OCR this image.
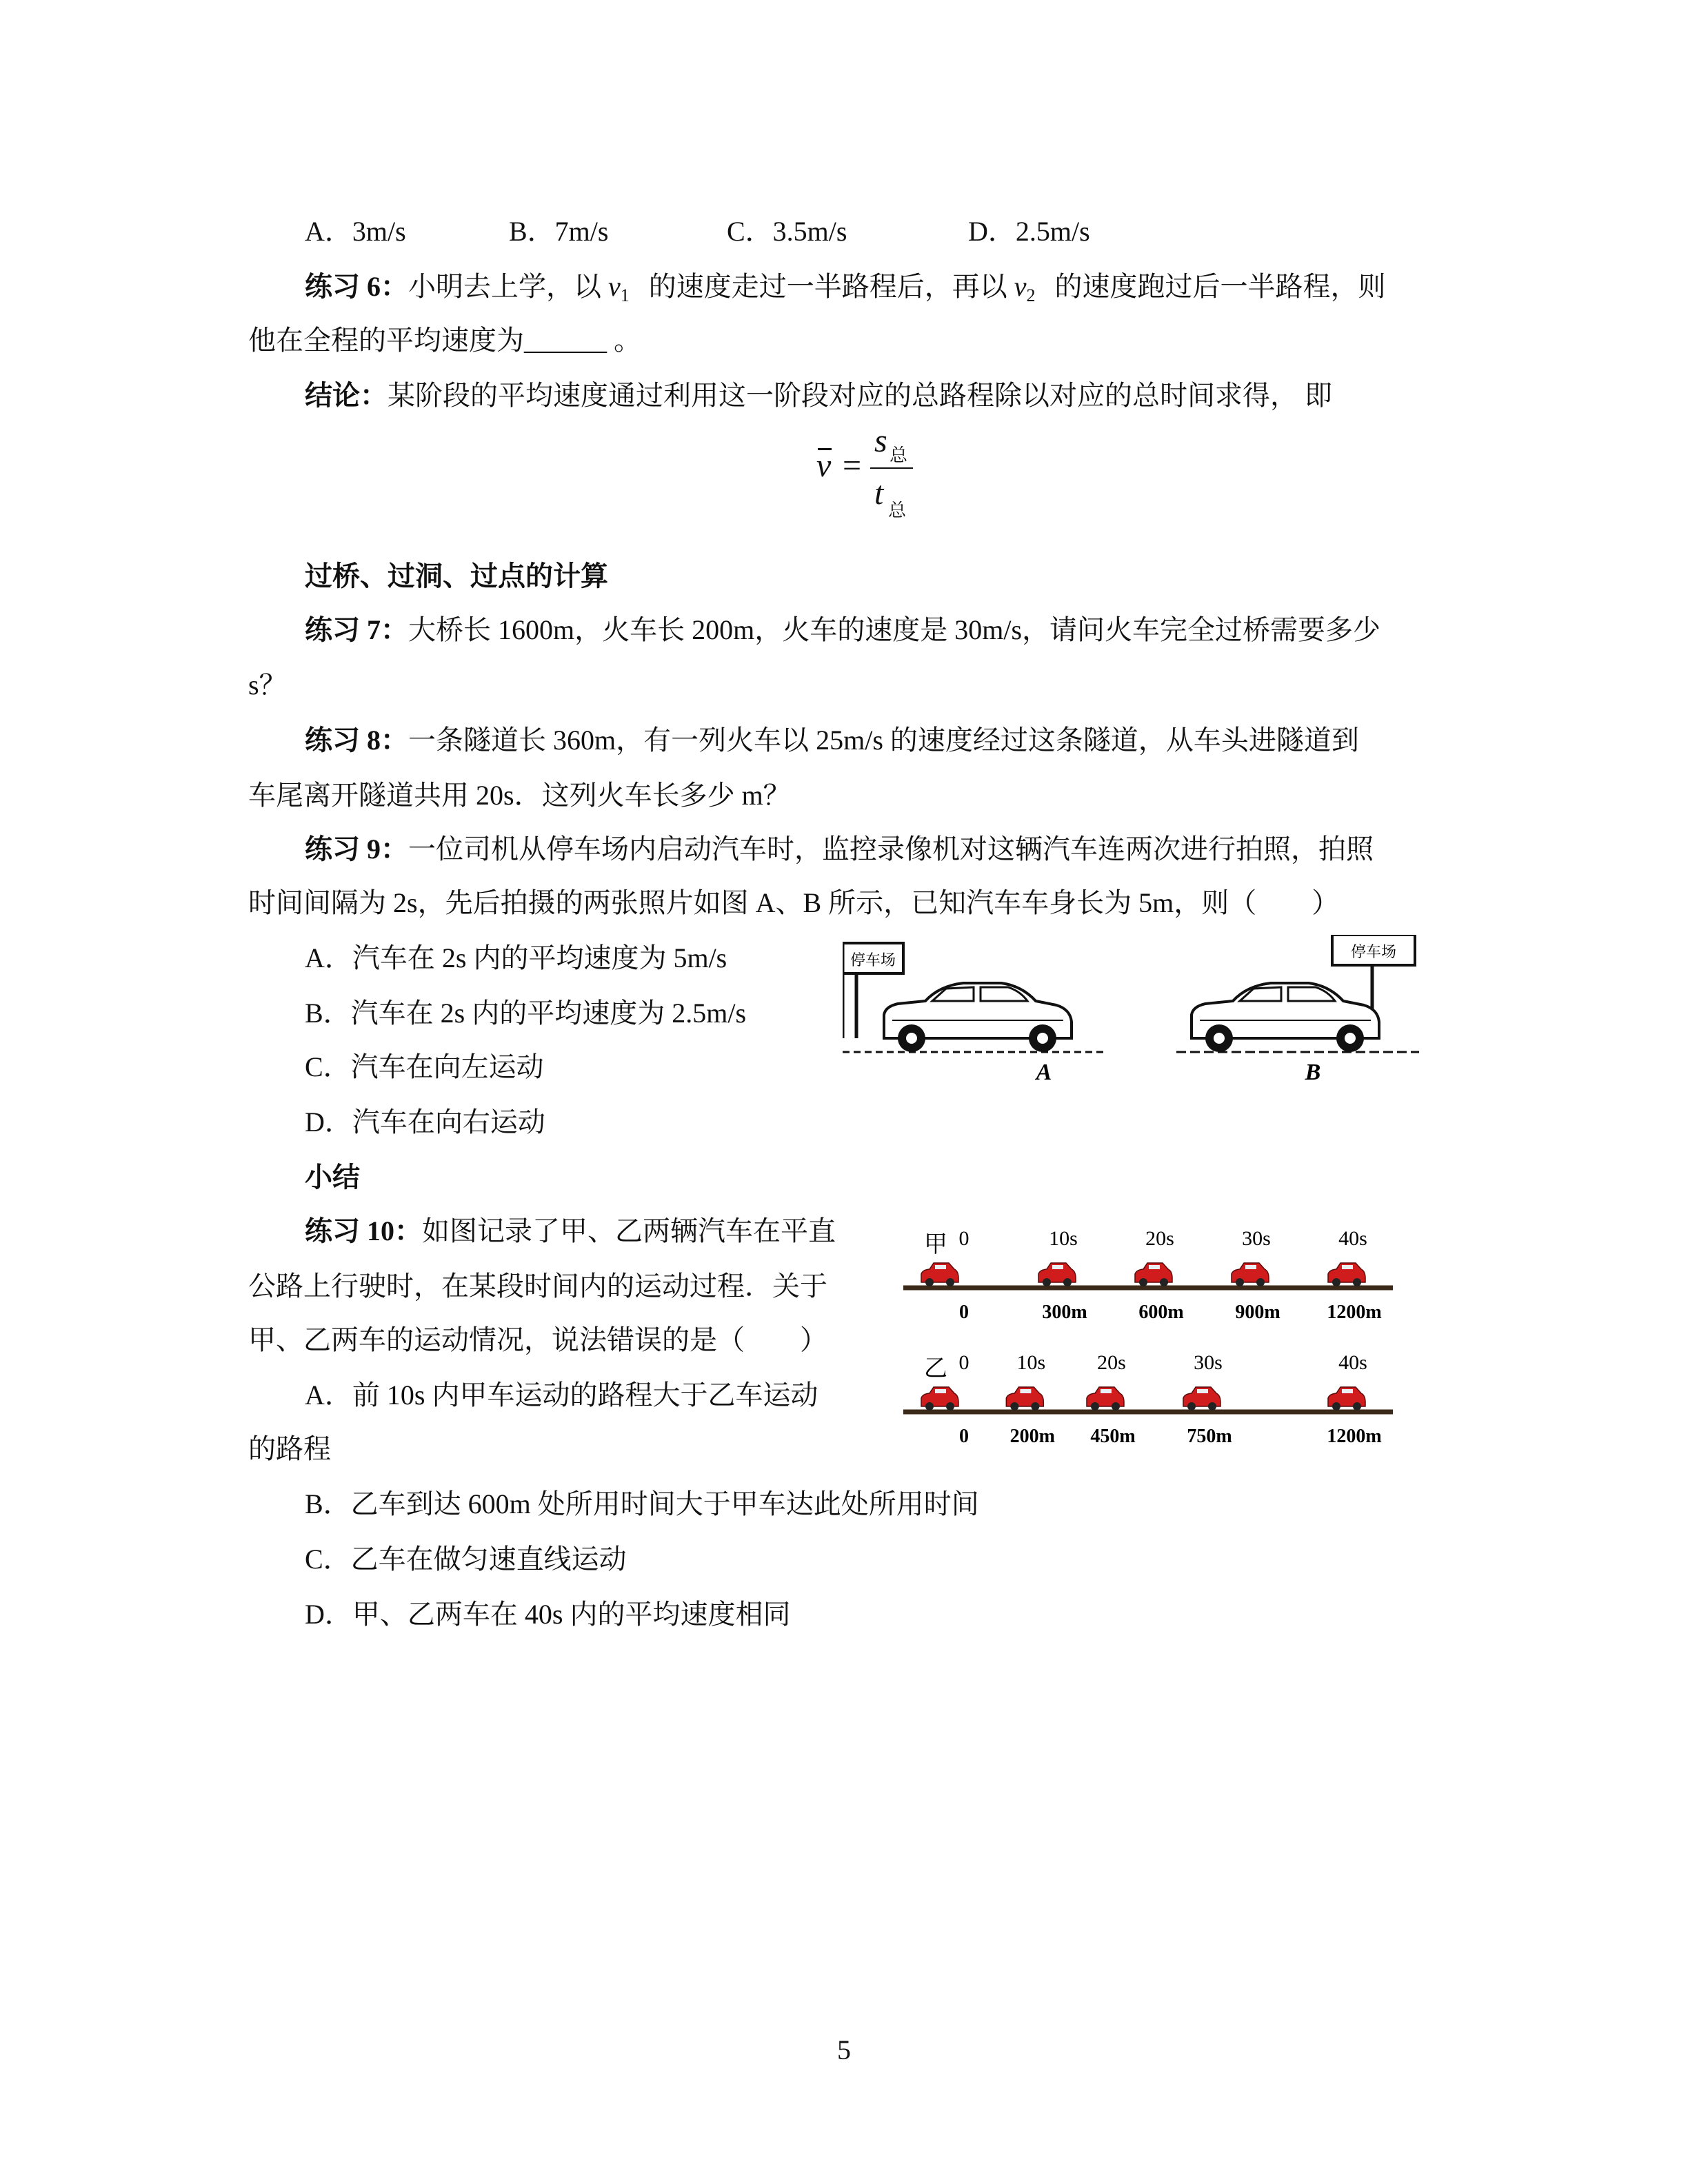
A．3m/s	B．7m/s	C．3.5m/s	D．2.5m/s
练习 6：小明去上学，以 $v_1$ 的速度走过一半路程后，再以 $v_2$ 的速度跑过后一半路程，则
他在全程的平均速度为______ 。
结论：某阶段的平均速度通过利用这一阶段对应的总路程除以对应的总时间求得， 即
v =
s 总
t 总
过桥、过洞、过点的计算
练习 7：大桥长 1600m，火车长 200m，火车的速度是 30m/s，请问火车完全过桥需要多少
s？
练习 8：一条隧道长 360m，有一列火车以 25m/s 的速度经过这条隧道，从车头进隧道到
车尾离开隧道共用 20s．这列火车长多少 m？
练习 9：一位司机从停车场内启动汽车时，监控录像机对这辆汽车连两次进行拍照，拍照
时间间隔为 2s，先后拍摄的两张照片如图 A、B 所示，已知汽车车身长为 5m，则（　　）
A．汽车在 2s 内的平均速度为 5m/s
B．汽车在 2s 内的平均速度为 2.5m/s
C．汽车在向左运动
D．汽车在向右运动
停车场
A
停车场
B
小结
练习 10：如图记录了甲、乙两辆汽车在平直
公路上行驶时，在某段时间内的运动过程．关于
甲、乙两车的运动情况，说法错误的是（　　）
A．前 10s 内甲车运动的路程大于乙车运动
的路程
B．乙车到达 600m 处所用时间大于甲车达此处所用时间
C．乙车在做匀速直线运动
D．甲、乙两车在 40s 内的平均速度相同
甲
乙
0
0
10s
300m
20s
600m
30s
900m
40s
1200m
0
0
10s
200m
20s
450m
30s
750m
40s
1200m
5
